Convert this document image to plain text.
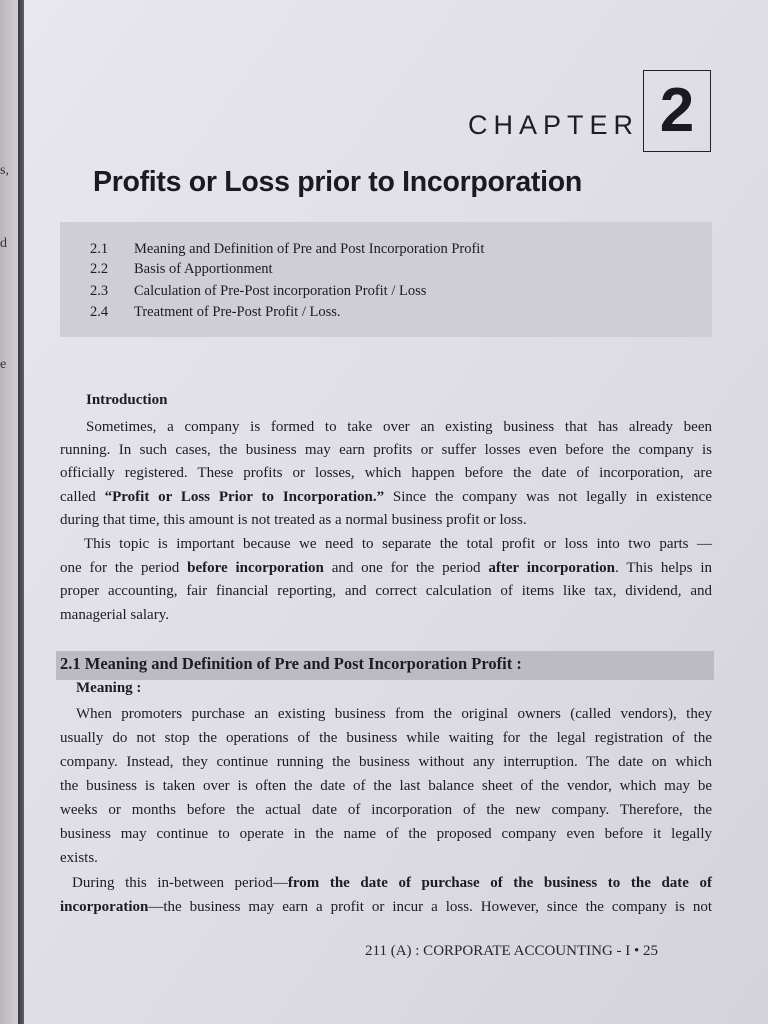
s,
d
e
CHAPTER 2
Profits or Loss prior to Incorporation
2.1 Meaning and Definition of Pre and Post Incorporation Profit
2.2 Basis of Apportionment
2.3 Calculation of Pre-Post incorporation Profit / Loss
2.4 Treatment of Pre-Post Profit / Loss.
Introduction
Sometimes, a company is formed to take over an existing business that has already been
running. In such cases, the business may earn profits or suffer losses even before the company is
officially registered. These profits or losses, which happen before the date of incorporation, are
called “Profit or Loss Prior to Incorporation.” Since the company was not legally in existence
during that time, this amount is not treated as a normal business profit or loss.
This topic is important because we need to separate the total profit or loss into two parts —
one for the period before incorporation and one for the period after incorporation. This helps in
proper accounting, fair financial reporting, and correct calculation of items like tax, dividend, and
managerial salary.
2.1 Meaning and Definition of Pre and Post Incorporation Profit :
Meaning :
When promoters purchase an existing business from the original owners (called vendors), they
usually do not stop the operations of the business while waiting for the legal registration of the
company. Instead, they continue running the business without any interruption. The date on which
the business is taken over is often the date of the last balance sheet of the vendor, which may be
weeks or months before the actual date of incorporation of the new company. Therefore, the
business may continue to operate in the name of the proposed company even before it legally
exists.
During this in-between period—from the date of purchase of the business to the date of
incorporation—the business may earn a profit or incur a loss. However, since the company is not
211 (A) : CORPORATE ACCOUNTING - I • 25
